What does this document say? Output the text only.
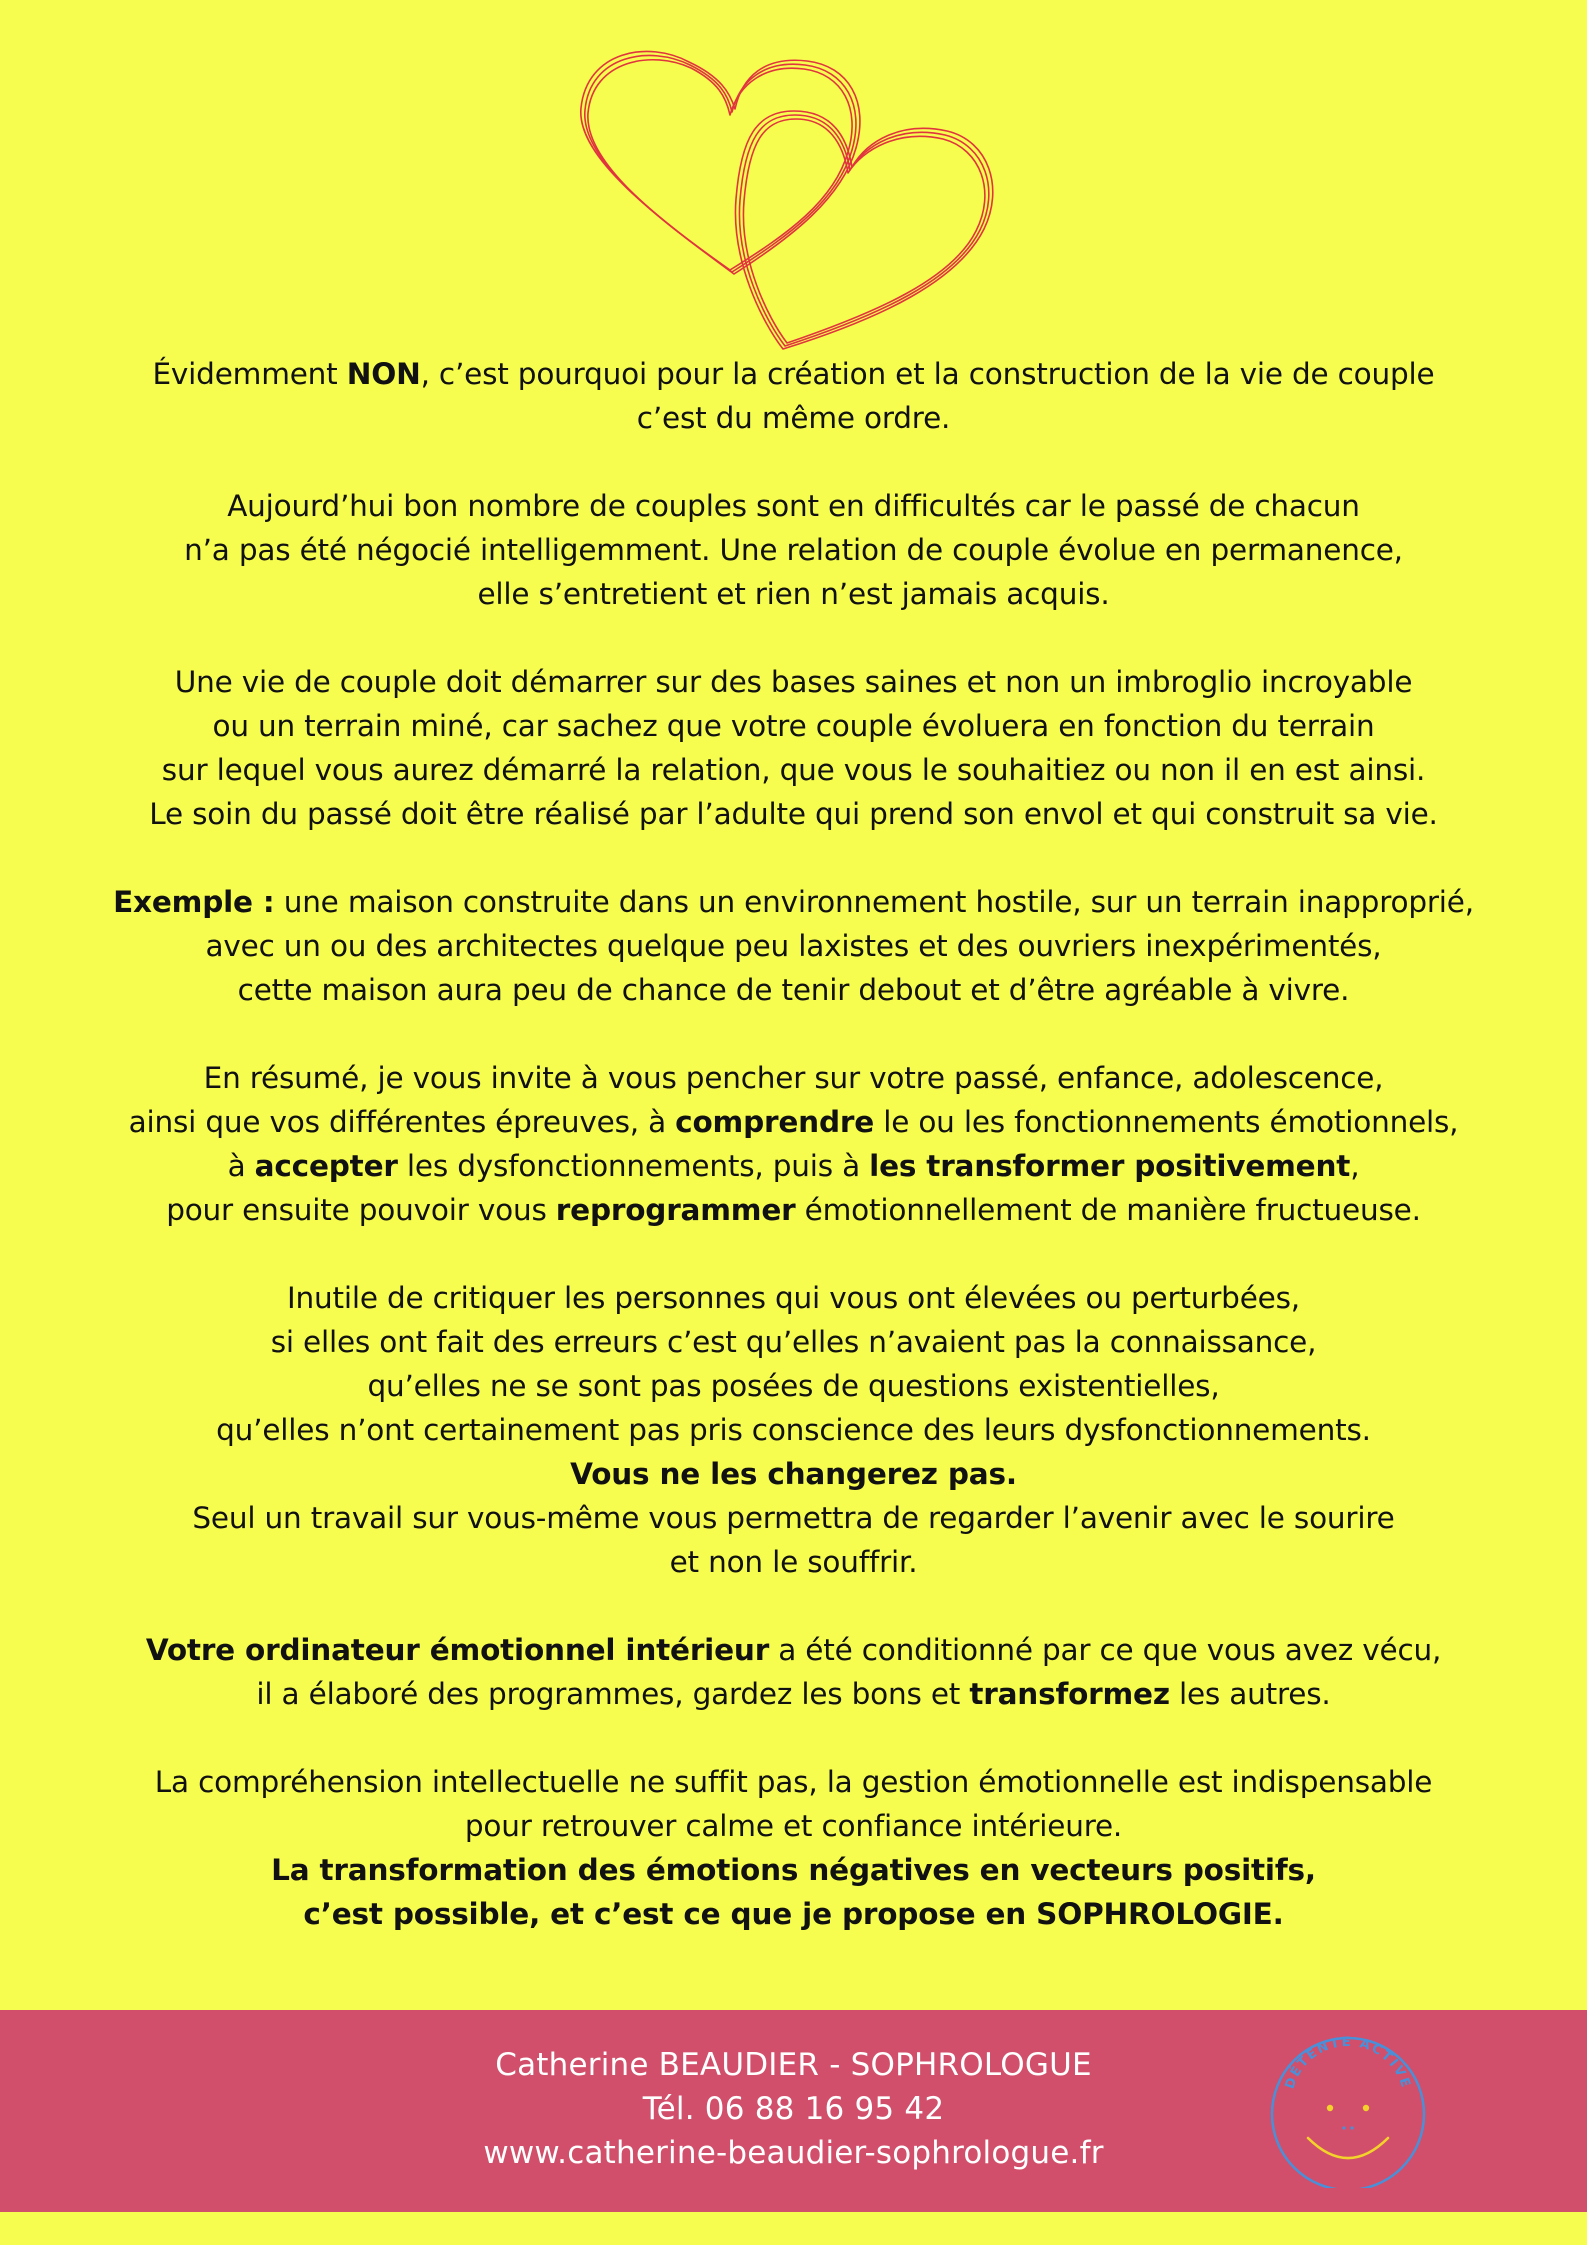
Évidemment NON, c’est pourquoi pour la création et la construction de la vie de couple
c’est du même ordre.
Aujourd’hui bon nombre de couples sont en difficultés car le passé de chacun
n’a pas été négocié intelligemment. Une relation de couple évolue en permanence,
elle s’entretient et rien n’est jamais acquis.
Une vie de couple doit démarrer sur des bases saines et non un imbroglio incroyable
ou un terrain miné, car sachez que votre couple évoluera en fonction du terrain
sur lequel vous aurez démarré la relation, que vous le souhaitiez ou non il en est ainsi.
Le soin du passé doit être réalisé par l’adulte qui prend son envol et qui construit sa vie.
Exemple : une maison construite dans un environnement hostile, sur un terrain inapproprié,
avec un ou des architectes quelque peu laxistes et des ouvriers inexpérimentés,
cette maison aura peu de chance de tenir debout et d’être agréable à vivre.
En résumé, je vous invite à vous pencher sur votre passé, enfance, adolescence,
ainsi que vos différentes épreuves, à comprendre le ou les fonctionnements émotionnels,
à accepter les dysfonctionnements, puis à les transformer positivement,
pour ensuite pouvoir vous reprogrammer émotionnellement de manière fructueuse.
Inutile de critiquer les personnes qui vous ont élevées ou perturbées,
si elles ont fait des erreurs c’est qu’elles n’avaient pas la connaissance,
qu’elles ne se sont pas posées de questions existentielles,
qu’elles n’ont certainement pas pris conscience des leurs dysfonctionnements.
Vous ne les changerez pas.
Seul un travail sur vous-même vous permettra de regarder l’avenir avec le sourire
et non le souffrir.
Votre ordinateur émotionnel intérieur a été conditionné par ce que vous avez vécu,
il a élaboré des programmes, gardez les bons et transformez les autres.
La compréhension intellectuelle ne suffit pas, la gestion émotionnelle est indispensable
pour retrouver calme et confiance intérieure.
La transformation des émotions négatives en vecteurs positifs,
c’est possible, et c’est ce que je propose en SOPHROLOGIE.
Catherine BEAUDIER - SOPHROLOGUE
Tél. 06 88 16 95 42
www.catherine-beaudier-sophrologue.fr
DÉTENTE ACTIVE
